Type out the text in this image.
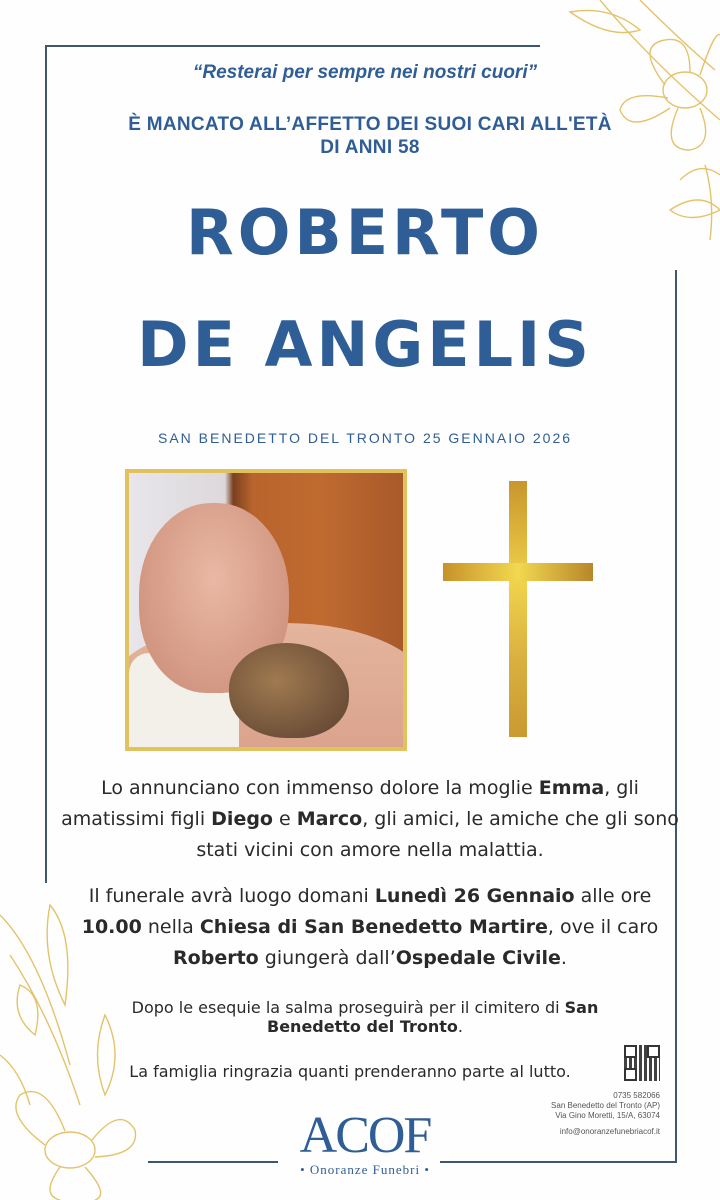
“Resterai per sempre nei nostri cuori”
È MANCATO ALL’AFFETTO DEI SUOI CARI ALL'ETÀ
DI ANNI 58
ROBERTO
DE ANGELIS
SAN BENEDETTO DEL TRONTO 25 GENNAIO 2026
Lo annunciano con immenso dolore la moglie Emma, gli amatissimi figli Diego e Marco, gli amici, le amiche che gli sono stati vicini con amore nella malattia.
Il funerale avrà luogo domani Lunedì 26 Gennaio alle ore 10.00 nella Chiesa di San Benedetto Martire, ove il caro Roberto giungerà dall’Ospedale Civile.
Dopo le esequie la salma proseguirà per il cimitero di San Benedetto del Tronto.
La famiglia ringrazia quanti prenderanno parte al lutto.
0735 582066
San Benedetto del Tronto (AP)
Via Gino Moretti, 15/A, 63074
info@onoranzefunebriacof.it
ACOF
• Onoranze Funebri •
